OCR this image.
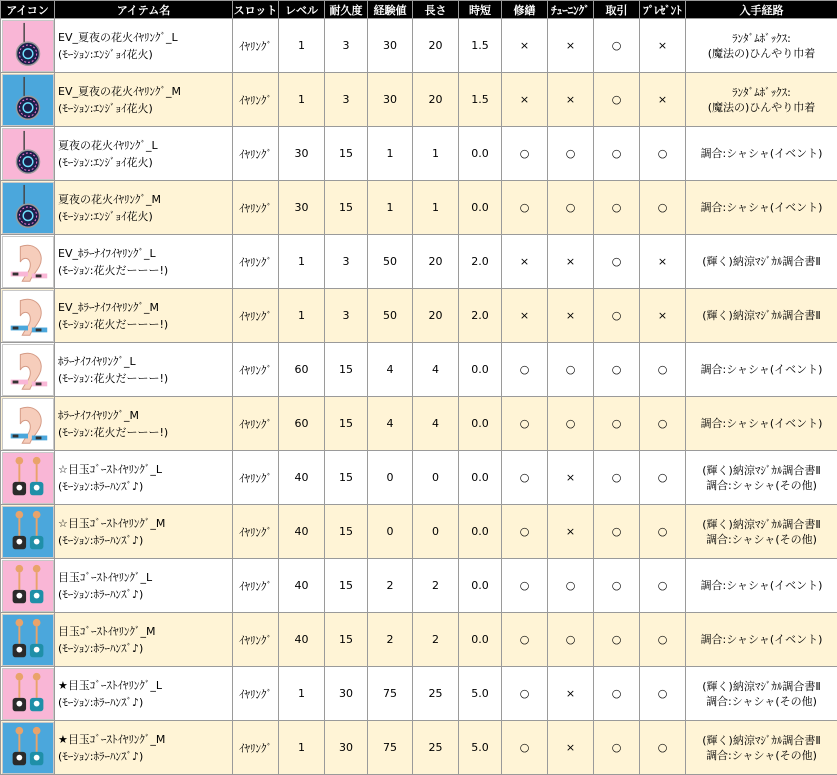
アイコン	アイテム名	スロット	レベル	耐久度	経験値	長さ	時短	修繕	ﾁｭｰﾆﾝｸﾞ	取引	ﾌﾟﾚｾﾞﾝﾄ	入手経路

EV_夏夜の花火ｲﾔﾘﾝｸﾞ_L
(ﾓｰｼｮﾝ:ｴﾝｼﾞｮｲ花火)	ｲﾔﾘﾝｸﾞ	1	3	30	20	1.5	×	×	○	×	ﾗﾝﾀﾞﾑﾎﾞｯｸｽ:
(魔法の)ひんやり巾着

EV_夏夜の花火ｲﾔﾘﾝｸﾞ_M
(ﾓｰｼｮﾝ:ｴﾝｼﾞｮｲ花火)	ｲﾔﾘﾝｸﾞ	1	3	30	20	1.5	×	×	○	×	ﾗﾝﾀﾞﾑﾎﾞｯｸｽ:
(魔法の)ひんやり巾着

夏夜の花火ｲﾔﾘﾝｸﾞ_L
(ﾓｰｼｮﾝ:ｴﾝｼﾞｮｲ花火)	ｲﾔﾘﾝｸﾞ	30	15	1	1	0.0	○	○	○	○	調合:シャシャ(イベント)

夏夜の花火ｲﾔﾘﾝｸﾞ_M
(ﾓｰｼｮﾝ:ｴﾝｼﾞｮｲ花火)	ｲﾔﾘﾝｸﾞ	30	15	1	1	0.0	○	○	○	○	調合:シャシャ(イベント)

EV_ﾎﾗｰﾅｲﾌｲﾔﾘﾝｸﾞ_L
(ﾓｰｼｮﾝ:花火だーーー!)	ｲﾔﾘﾝｸﾞ	1	3	50	20	2.0	×	×	○	×	(輝く)納涼ﾏｼﾞｶﾙ調合書Ⅱ

EV_ﾎﾗｰﾅｲﾌｲﾔﾘﾝｸﾞ_M
(ﾓｰｼｮﾝ:花火だーーー!)	ｲﾔﾘﾝｸﾞ	1	3	50	20	2.0	×	×	○	×	(輝く)納涼ﾏｼﾞｶﾙ調合書Ⅱ

ﾎﾗｰﾅｲﾌｲﾔﾘﾝｸﾞ_L
(ﾓｰｼｮﾝ:花火だーーー!)	ｲﾔﾘﾝｸﾞ	60	15	4	4	0.0	○	○	○	○	調合:シャシャ(イベント)

ﾎﾗｰﾅｲﾌｲﾔﾘﾝｸﾞ_M
(ﾓｰｼｮﾝ:花火だーーー!)	ｲﾔﾘﾝｸﾞ	60	15	4	4	0.0	○	○	○	○	調合:シャシャ(イベント)

☆目玉ｺﾞｰｽﾄｲﾔﾘﾝｸﾞ_L
(ﾓｰｼｮﾝ:ﾎﾗｰﾊﾝｽﾞ♪)	ｲﾔﾘﾝｸﾞ	40	15	0	0	0.0	○	×	○	○	(輝く)納涼ﾏｼﾞｶﾙ調合書Ⅱ
調合:シャシャ(その他)

☆目玉ｺﾞｰｽﾄｲﾔﾘﾝｸﾞ_M
(ﾓｰｼｮﾝ:ﾎﾗｰﾊﾝｽﾞ♪)	ｲﾔﾘﾝｸﾞ	40	15	0	0	0.0	○	×	○	○	(輝く)納涼ﾏｼﾞｶﾙ調合書Ⅱ
調合:シャシャ(その他)

目玉ｺﾞｰｽﾄｲﾔﾘﾝｸﾞ_L
(ﾓｰｼｮﾝ:ﾎﾗｰﾊﾝｽﾞ♪)	ｲﾔﾘﾝｸﾞ	40	15	2	2	0.0	○	○	○	○	調合:シャシャ(イベント)

目玉ｺﾞｰｽﾄｲﾔﾘﾝｸﾞ_M
(ﾓｰｼｮﾝ:ﾎﾗｰﾊﾝｽﾞ♪)	ｲﾔﾘﾝｸﾞ	40	15	2	2	0.0	○	○	○	○	調合:シャシャ(イベント)

★目玉ｺﾞｰｽﾄｲﾔﾘﾝｸﾞ_L
(ﾓｰｼｮﾝ:ﾎﾗｰﾊﾝｽﾞ♪)	ｲﾔﾘﾝｸﾞ	1	30	75	25	5.0	○	×	○	○	(輝く)納涼ﾏｼﾞｶﾙ調合書Ⅱ
調合:シャシャ(その他)

★目玉ｺﾞｰｽﾄｲﾔﾘﾝｸﾞ_M
(ﾓｰｼｮﾝ:ﾎﾗｰﾊﾝｽﾞ♪)	ｲﾔﾘﾝｸﾞ	1	30	75	25	5.0	○	×	○	○	(輝く)納涼ﾏｼﾞｶﾙ調合書Ⅱ
調合:シャシャ(その他)
